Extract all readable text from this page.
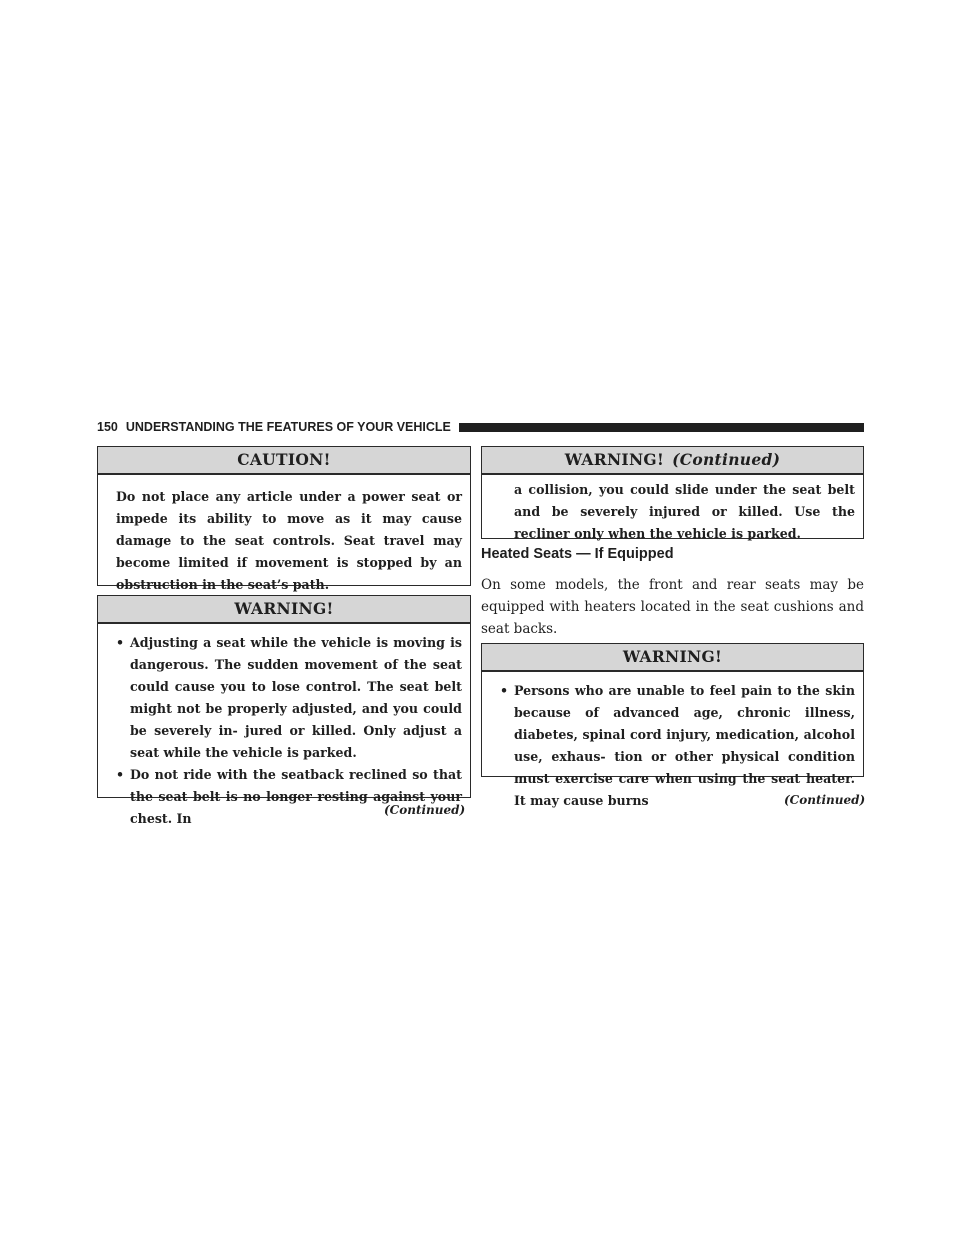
150 UNDERSTANDING THE FEATURES OF YOUR VEHICLE
CAUTION!

Do not place any article under a power seat or impede its ability to move as it may cause damage to the seat controls. Seat travel may become limited if movement is stopped by an obstruction in the seat’s path.

WARNING!
• Adjusting a seat while the vehicle is moving is dangerous. The sudden movement of the seat could cause you to lose control. The seat belt might not be properly adjusted, and you could be severely in- jured or killed. Only adjust a seat while the vehicle is parked.
• Do not ride with the seatback reclined so that the seat belt is no longer resting against your chest. In
(Continued)
WARNING! (Continued)

a collision, you could slide under the seat belt and be severely injured or killed. Use the recliner only when the vehicle is parked.

Heated Seats — If Equipped

On some models, the front and rear seats may be equipped with heaters located in the seat cushions and seat backs.

WARNING!
• Persons who are unable to feel pain to the skin because of advanced age, chronic illness, diabetes, spinal cord injury, medication, alcohol use, exhaus- tion or other physical condition must exercise care when using the seat heater. It may cause burns	(Continued)
